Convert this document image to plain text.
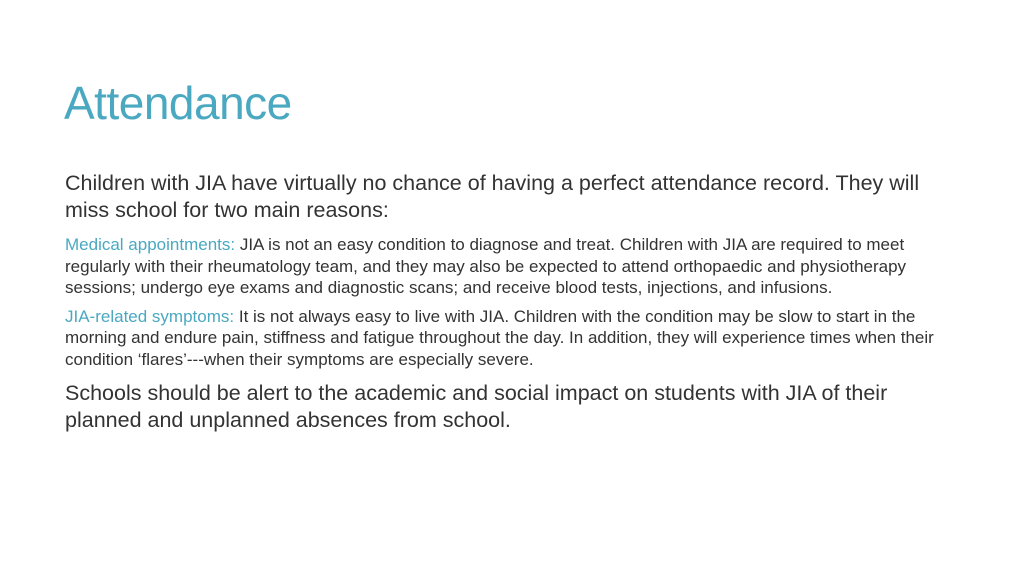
Attendance

Children with JIA have virtually no chance of having a perfect attendance record. They will miss school for two main reasons:

Medical appointments: JIA is not an easy condition to diagnose and treat. Children with JIA are required to meet regularly with their rheumatology team, and they may also be expected to attend orthopaedic and physiotherapy sessions; undergo eye exams and diagnostic scans; and receive blood tests, injections, and infusions.

JIA-related symptoms: It is not always easy to live with JIA. Children with the condition may be slow to start in the morning and endure pain, stiffness and fatigue throughout the day. In addition, they will experience times when their condition ‘flares’---when their symptoms are especially severe.

Schools should be alert to the academic and social impact on students with JIA of their planned and unplanned absences from school.
